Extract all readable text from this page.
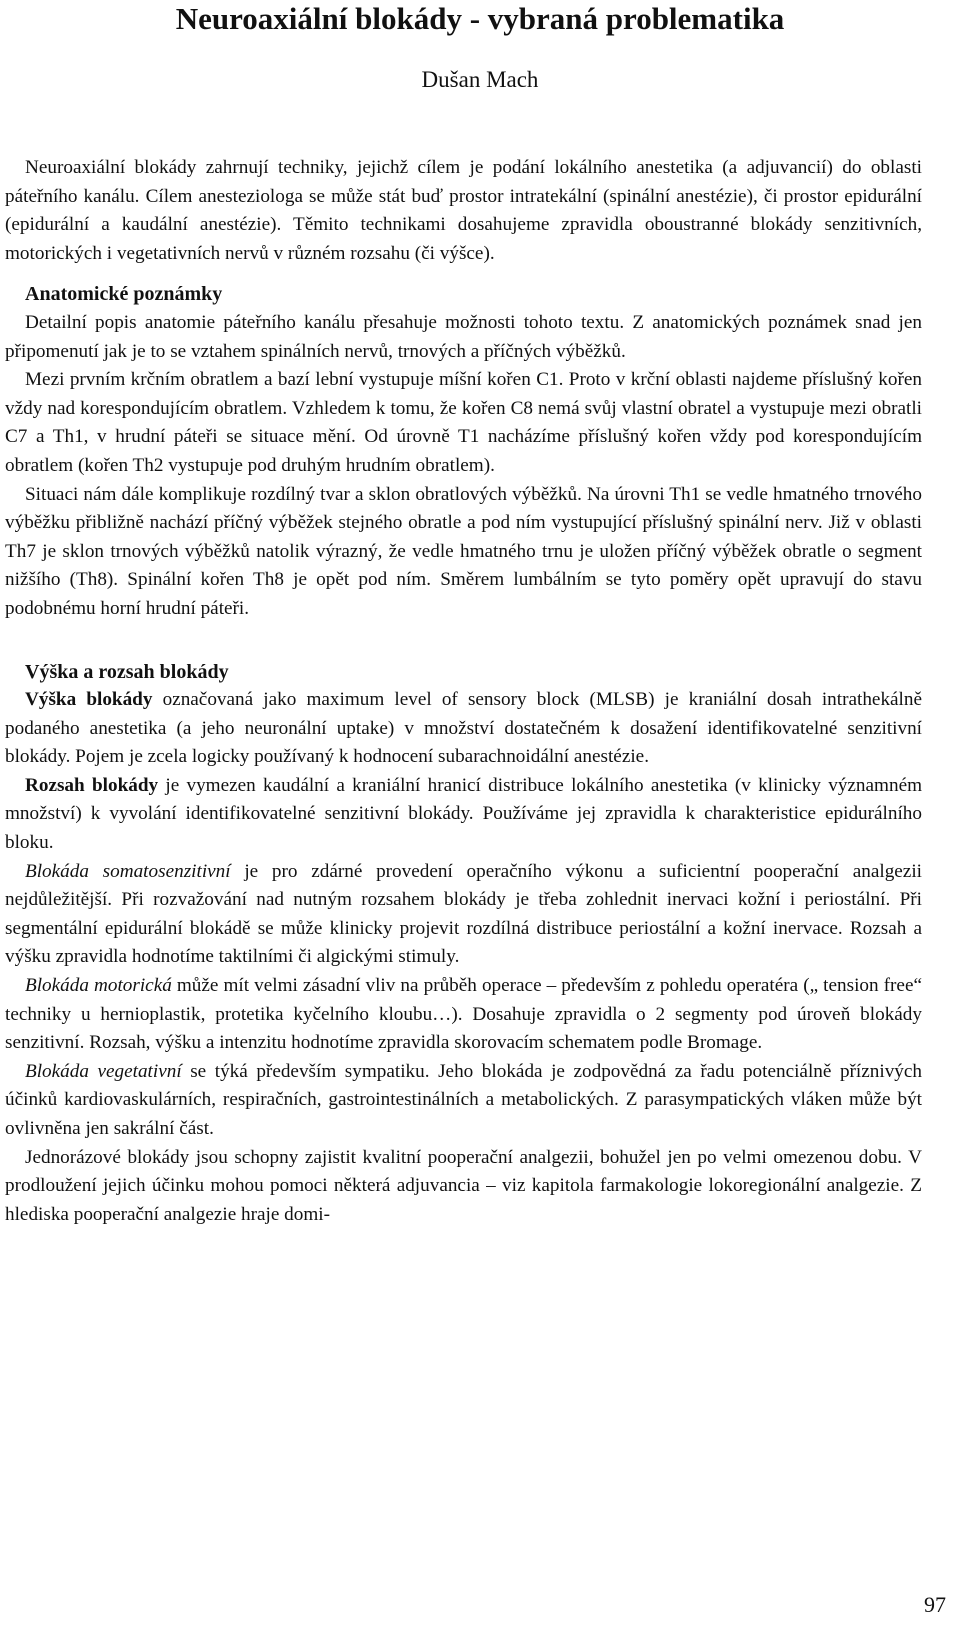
Neuroaxiální blokády - vybraná problematika
Dušan Mach

Neuroaxiální blokády zahrnují techniky, jejichž cílem je podání lokálního anestetika (a adjuvancií) do oblasti páteřního kanálu. Cílem anesteziologa se může stát buď prostor intratekální (spinální anestézie), či prostor epidurální (epidurální a kaudální anestézie). Těmito technikami dosahujeme zpravidla oboustranné blokády senzitivních, motorických i vegetativních nervů v různém rozsahu (či výšce).

Anatomické poznámky

Detailní popis anatomie páteřního kanálu přesahuje možnosti tohoto textu. Z anatomických poznámek snad jen připomenutí jak je to se vztahem spinálních nervů, trnových a příčných výběžků.

Mezi prvním krčním obratlem a bazí lební vystupuje míšní kořen C1. Proto v krční oblasti najdeme příslušný kořen vždy nad korespondujícím obratlem. Vzhledem k tomu, že kořen C8 nemá svůj vlastní obratel a vystupuje mezi obratli C7 a Th1, v hrudní páteři se situace mění. Od úrovně T1 nacházíme příslušný kořen vždy pod korespondujícím obratlem (kořen Th2 vystupuje pod druhým hrudním obratlem).

Situaci nám dále komplikuje rozdílný tvar a sklon obratlových výběžků. Na úrovni Th1 se vedle hmatného trnového výběžku přibližně nachází příčný výběžek stejného obratle a pod ním vystupující příslušný spinální nerv. Již v oblasti Th7 je sklon trnových výběžků natolik výrazný, že vedle hmatného trnu je uložen příčný výběžek obratle o segment nižšího (Th8). Spinální kořen Th8 je opět pod ním. Směrem lumbálním se tyto poměry opět upravují do stavu podobnému horní hrudní páteři.

Výška a rozsah blokády

Výška blokády označovaná jako maximum level of sensory block (MLSB) je kraniální dosah intrathekálně podaného anestetika (a jeho neuronální uptake) v množství dostatečném k dosažení identifikovatelné senzitivní blokády. Pojem je zcela logicky používaný k hodnocení subarachnoidální anestézie.

Rozsah blokády je vymezen kaudální a kraniální hranicí distribuce lokálního anestetika (v klinicky významném množství) k vyvolání identifikovatelné senzitivní blokády. Používáme jej zpravidla k charakteristice epidurálního bloku.

Blokáda somatosenzitivní je pro zdárné provedení operačního výkonu a suficientní pooperační analgezii nejdůležitější. Při rozvažování nad nutným rozsahem blokády je třeba zohlednit inervaci kožní i periostální. Při segmentální epidurální blokádě se může klinicky projevit rozdílná distribuce periostální a kožní inervace. Rozsah a výšku zpravidla hodnotíme taktilními či algickými stimuly.

Blokáda motorická může mít velmi zásadní vliv na průběh operace – především z pohledu operatéra („ tension free“ techniky u hernioplastik, protetika kyčelního kloubu…). Dosahuje zpravidla o 2 segmenty pod úroveň blokády senzitivní. Rozsah, výšku a intenzitu hodnotíme zpravidla skorovacím schematem podle Bromage.

Blokáda vegetativní se týká především sympatiku. Jeho blokáda je zodpovědná za řadu potenciálně příznivých účinků kardiovaskulárních, respiračních, gastrointestinálních a metabolických. Z parasympatických vláken může být ovlivněna jen sakrální část.

Jednorázové blokády jsou schopny zajistit kvalitní pooperační analgezii, bohužel jen po velmi omezenou dobu. V prodloužení jejich účinku mohou pomoci některá adjuvancia – viz kapitola farmakologie lokoregionální analgezie. Z hlediska pooperační analgezie hraje domi-

97
